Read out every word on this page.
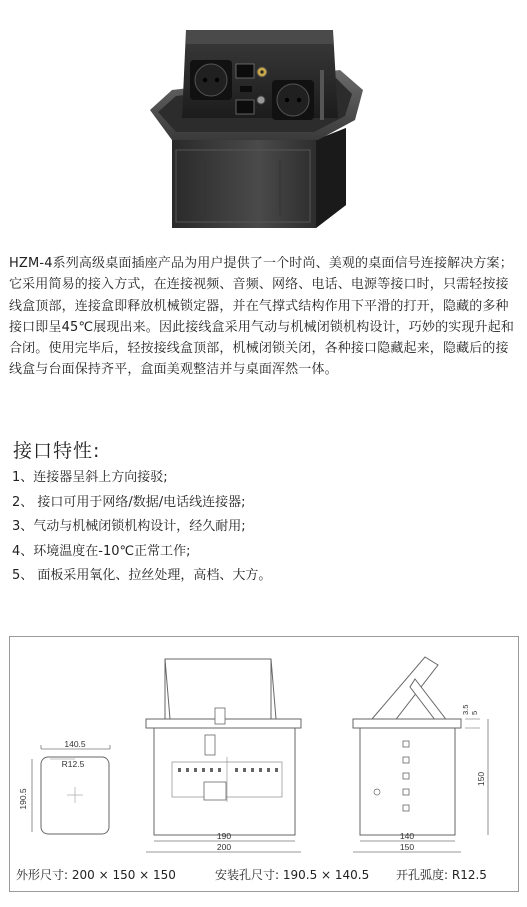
HZM-4系列高级桌面插座产品为用户提供了一个时尚、美观的桌面信号连接解决方案；它采用简易的接入方式，在连接视频、音频、网络、电话、电源等接口时，只需轻按接线盒顶部，连接盒即释放机械锁定器，并在气撑式结构作用下平滑的打开，隐藏的多种接口即呈45℃展现出来。因此接线盒采用气动与机械闭锁机构设计，巧妙的实现升起和合闭。使用完毕后，轻按接线盒顶部，机械闭锁关闭，各种接口隐藏起来，隐藏后的接线盒与台面保持齐平，盒面美观整洁并与桌面浑然一体。

接口特性:
1、连接器呈斜上方向接驳;
2、 接口可用于网络/数据/电话线连接器;
3、气动与机械闭锁机构设计，经久耐用;
4、环境温度在-10℃正常工作;
5、 面板采用氧化、拉丝处理，高档、大方。
140.5
190.5
R12.5
190
200
3.5 5
150
140
150
外形尺寸: 200 × 150 × 150	安装孔尺寸: 190.5 × 140.5 开孔弧度: R12.5
